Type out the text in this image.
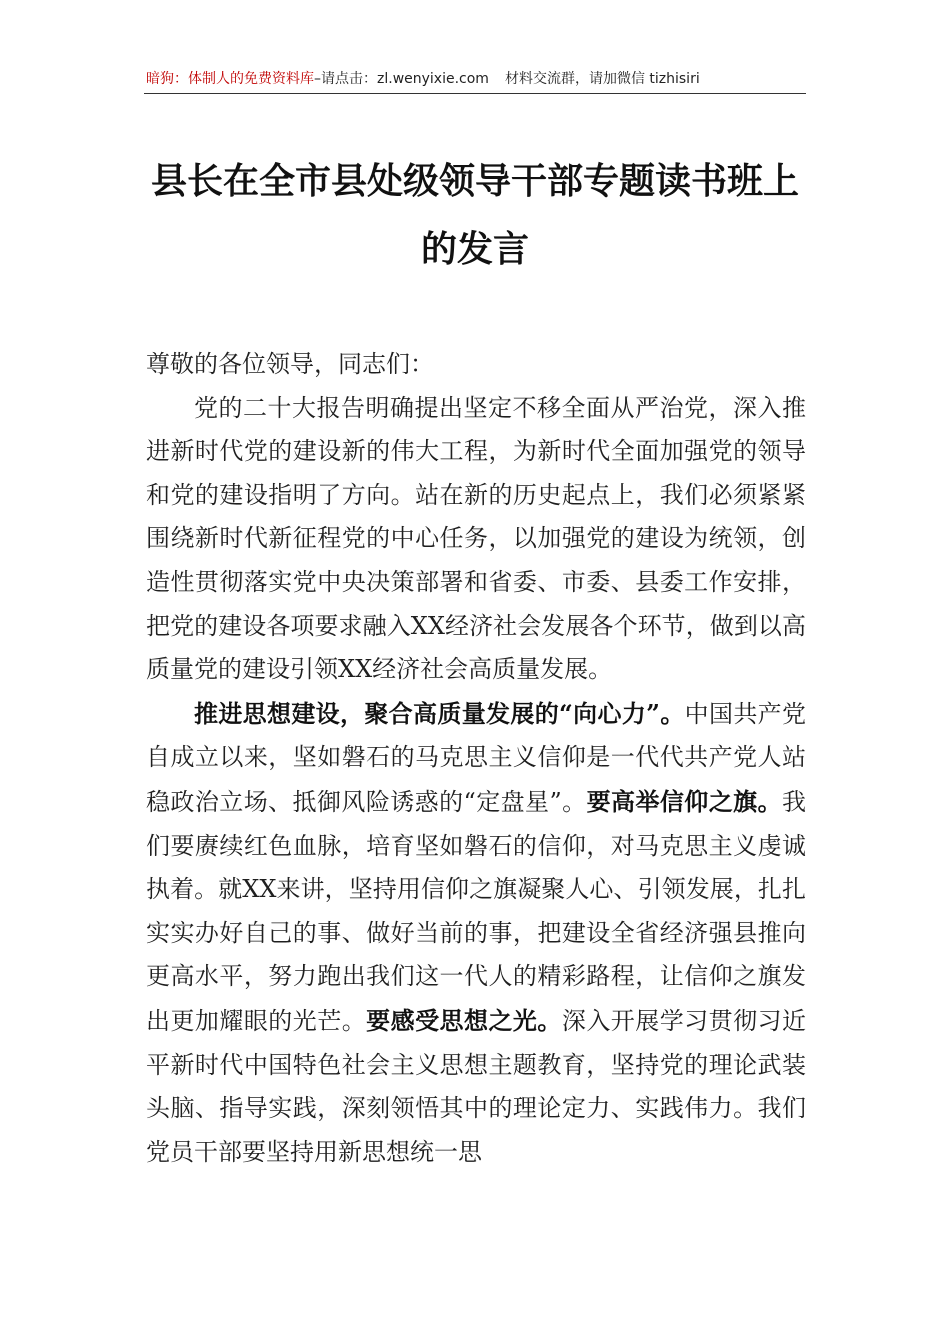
暗狗：体制人的免费资料库–请点击：zl.wenyixie.com 材料交流群，请加微信 tizhisiri
县长在全市县处级领导干部专题读书班上
的发言

尊敬的各位领导，同志们：

党的二十大报告明确提出坚定不移全面从严治党，深入推进新时代党的建设新的伟大工程，为新时代全面加强党的领导和党的建设指明了方向。站在新的历史起点上，我们必须紧紧围绕新时代新征程党的中心任务，以加强党的建设为统领，创造性贯彻落实党中央决策部署和省委、市委、县委工作安排，把党的建设各项要求融入XX经济社会发展各个环节，做到以高质量党的建设引领XX经济社会高质量发展。

推进思想建设，聚合高质量发展的“向心力”。中国共产党自成立以来，坚如磐石的马克思主义信仰是一代代共产党人站稳政治立场、抵御风险诱惑的“定盘星”。要高举信仰之旗。我们要赓续红色血脉，培育坚如磐石的信仰，对马克思主义虔诚执着。就XX来讲，坚持用信仰之旗凝聚人心、引领发展，扎扎实实办好自己的事、做好当前的事，把建设全省经济强县推向更高水平，努力跑出我们这一代人的精彩路程，让信仰之旗发出更加耀眼的光芒。要感受思想之光。深入开展学习贯彻习近平新时代中国特色社会主义思想主题教育，坚持党的理论武装头脑、指导实践，深刻领悟其中的理论定力、实践伟力。我们党员干部要坚持用新思想统一思
